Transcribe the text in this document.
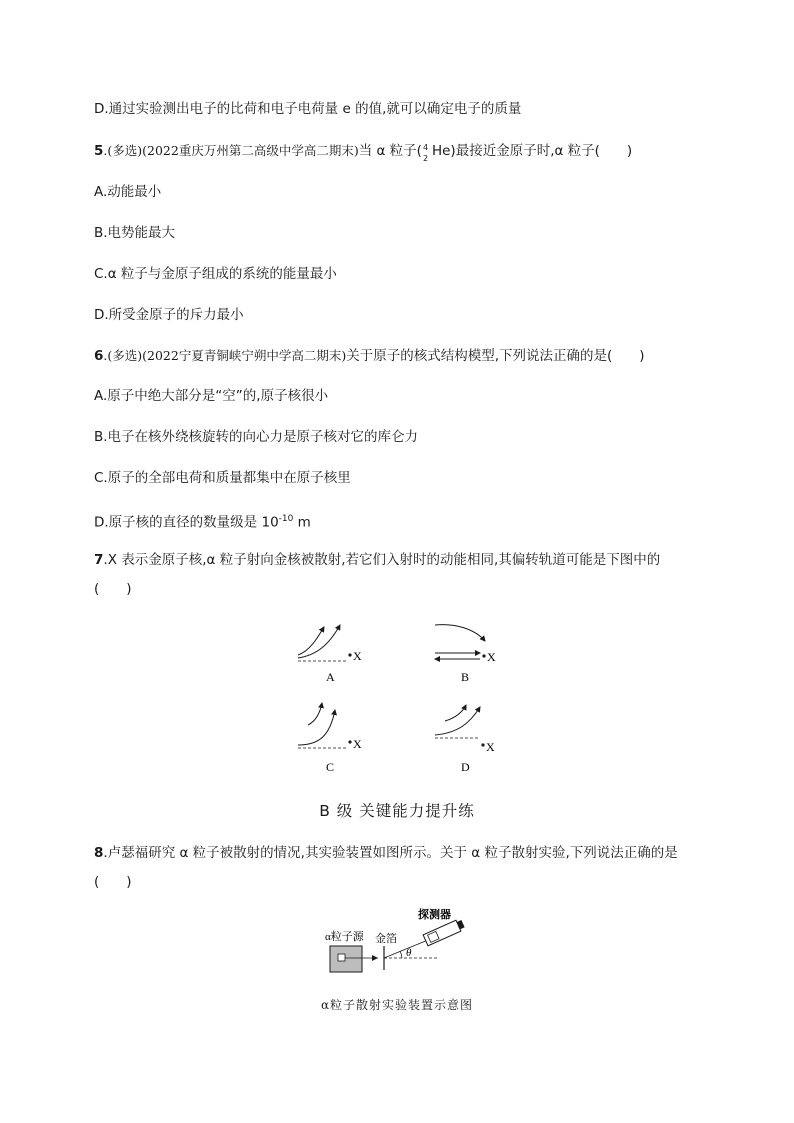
D.通过实验测出电子的比荷和电子电荷量 e 的值,就可以确定电子的质量
5.(多选)(2022重庆万州第二高级中学高二期末)当 α 粒子( 4
2 He)最接近金原子时,α 粒子(　　)
A.动能最小
B.电势能最大
C.α 粒子与金原子组成的系统的能量最小
D.所受金原子的斥力最小
6.(多选)(2022宁夏青铜峡宁朔中学高二期末)关于原子的核式结构模型,下列说法正确的是(　　)
A.原子中绝大部分是“空”的,原子核很小
B.电子在核外绕核旋转的向心力是原子核对它的库仑力
C.原子的全部电荷和质量都集中在原子核里
D.原子核的直径的数量级是 $10^{-10}$ m
7.X 表示金原子核,α 粒子射向金核被散射,若它们入射时的动能相同,其偏转轨道可能是下图中的
(　　)
X
A
X
B
X
C
X
D
B 级 关键能力提升练
8.卢瑟福研究 α 粒子被散射的情况,其实验装置如图所示。关于 α 粒子散射实验,下列说法正确的是
(　　)
α粒子源 金箔
θ
探测器
α粒子散射实验装置示意图
